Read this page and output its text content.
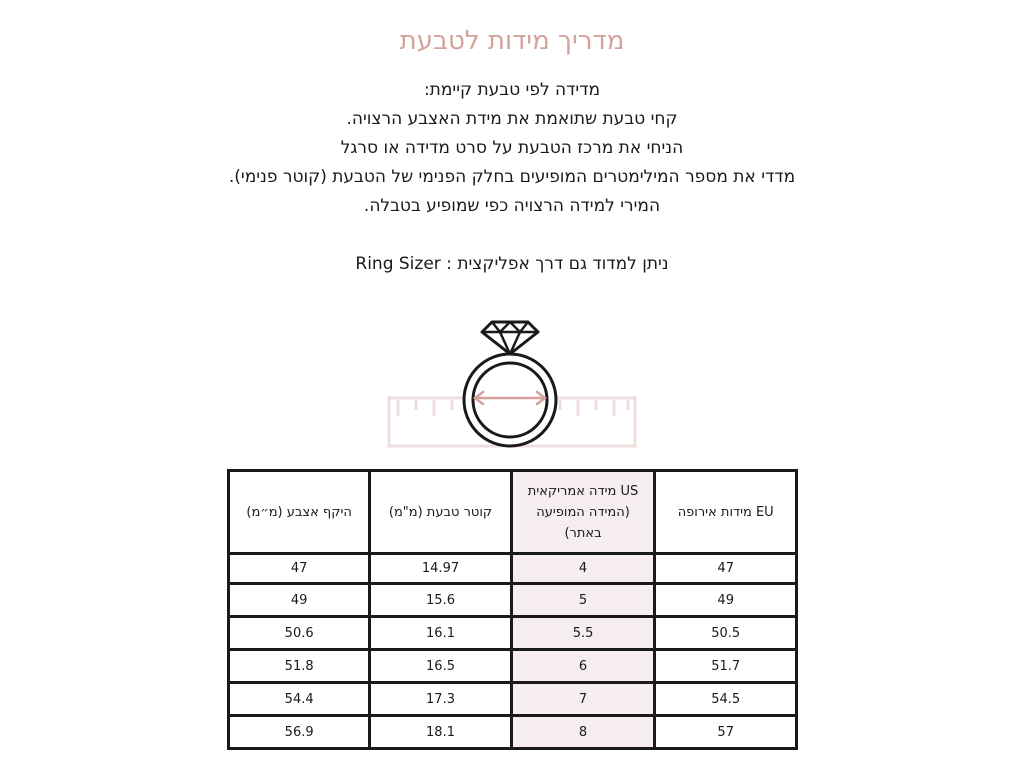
מדריך מידות לטבעת
מדידה לפי טבעת קיימת:
קחי טבעת שתואמת את מידת האצבע הרצויה.
הניחי את מרכז הטבעת על סרט מדידה או סרגל
מדדי את מספר המילימטרים המופיעים בחלק הפנימי של הטבעת (קוטר פנימי).
המירי למידה הרצויה כפי שמופיע בטבלה.
ניתן למדוד גם דרך אפליקצית : Ring Sizer
EU מידות אירופה	US מידה אמריקאית
(המידה המופיעה
באתר)	קוטר טבעת (מ"מ)	היקף אצבע (מ״מ)
47	4	14.97	47
49	5	15.6	49
50.5	5.5	16.1	50.6
51.7	6	16.5	51.8
54.5	7	17.3	54.4
57	8	18.1	56.9
